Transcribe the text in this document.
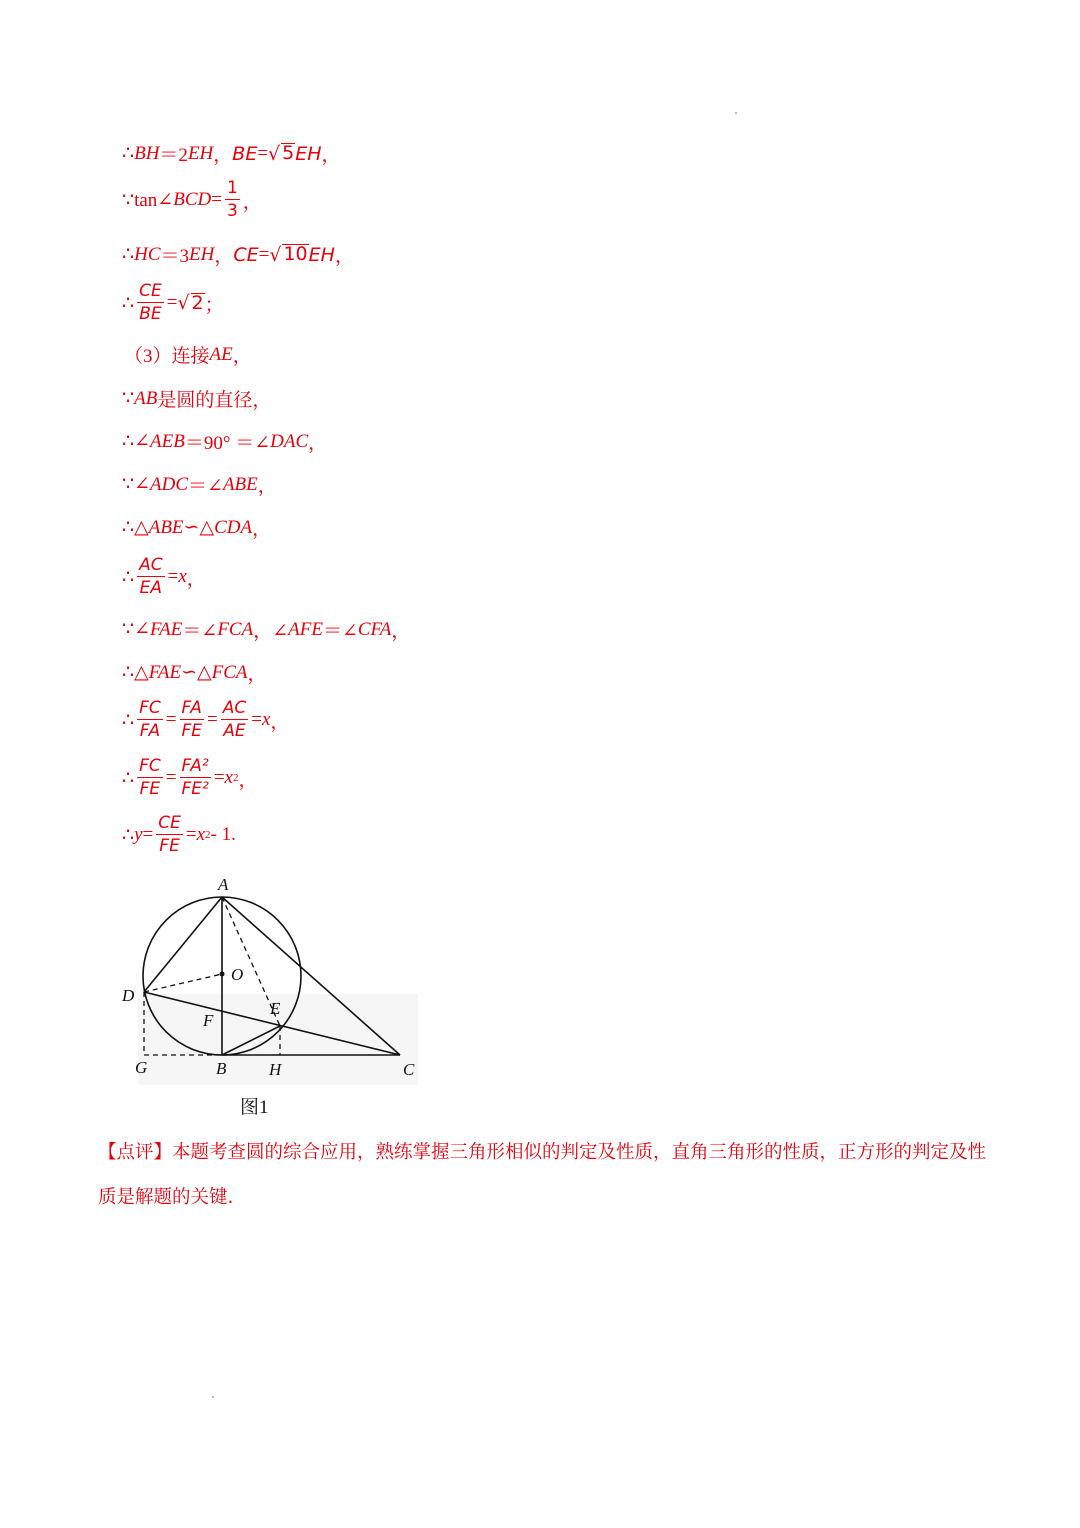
∴ BH ＝2 EH ， BE = √ 5 EH ，
∵ tan∠ BCD = $\frac{1}{3}$ ，
∴ HC ＝3 EH ， CE = √ 10 EH ，
∴ $\frac{CE}{BE}$ = √ 2 ；
（3）连接 AE ，
∵ AB 是圆的直径，
∴ ∠ AEB ＝90° ＝∠ DAC ，
∵ ∠ ADC ＝∠ ABE ，
∴ △ ABE ∽△ CDA ，
∴ $\frac{AC}{EA} = x$ ，
∵ ∠ FAE ＝∠ FCA ，∠ AFE ＝∠ CFA ，
∴ △ FAE ∽△ FCA ，
∴ $\frac{FC}{FA} = \frac{FA}{FE} = \frac{AC}{AE} = x$ ，
∴ $\frac{FC}{FE} = \frac{\text{FA²}}{\text{FE²}} = x$ 2 ，
∴ $y = \frac{CE}{FE} = x$ 2 - 1.
A
O
D
F
E
G	B	H	C
图1
【点评】本题考查圆的综合应用，熟练掌握三角形相似的判定及性质，直角三角形的性质，正方形的判定及性质是解题的关键.
